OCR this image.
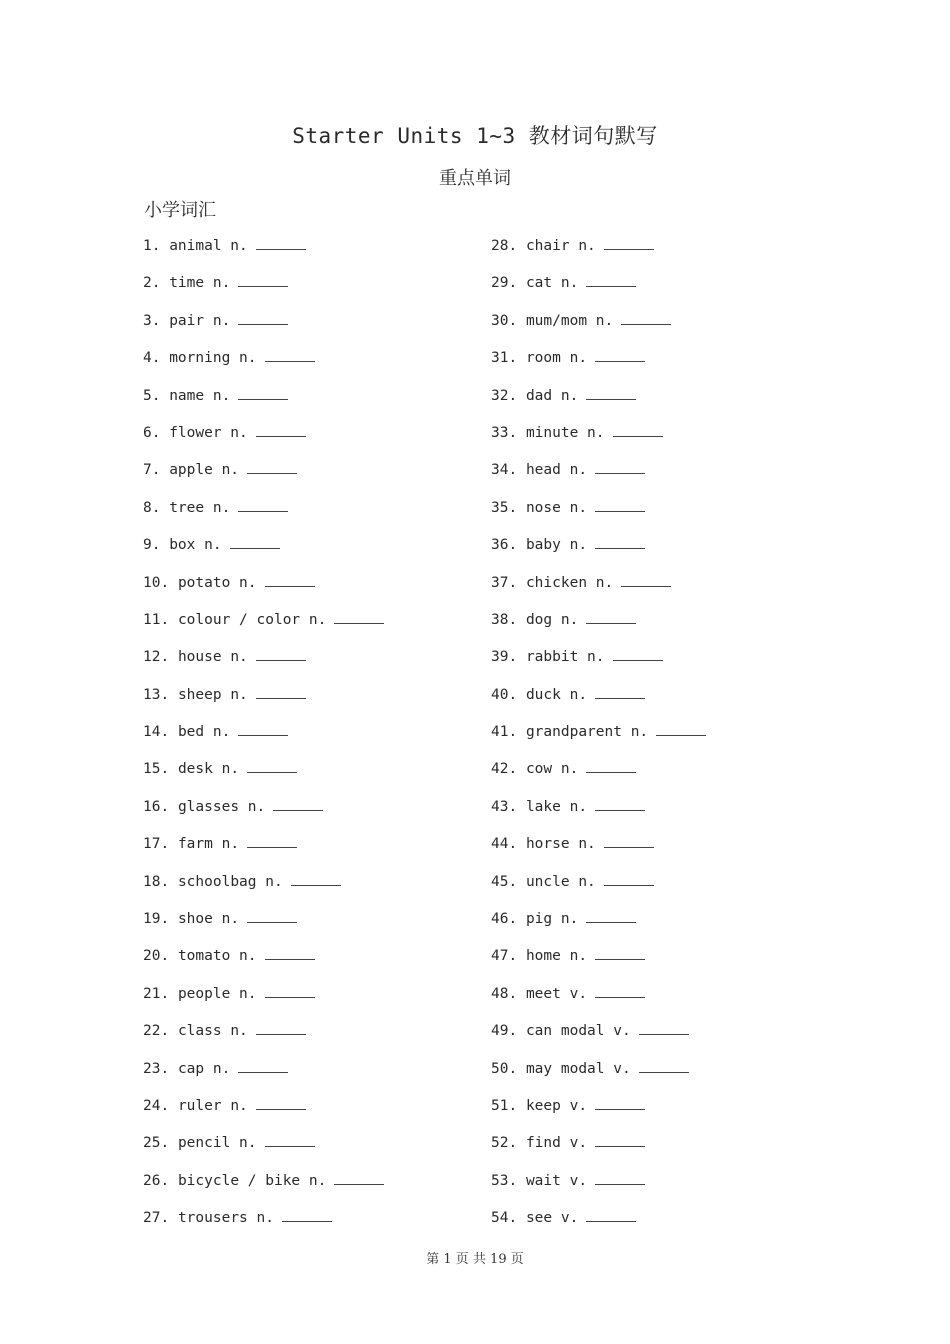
Starter Units 1~3 教材词句默写
重点单词
小学词汇
1. animal n.
2. time n.
3. pair n.
4. morning n.
5. name n.
6. flower n.
7. apple n.
8. tree n.
9. box n.
10. potato n.
11. colour / color n.
12. house n.
13. sheep n.
14. bed n.
15. desk n.
16. glasses n.
17. farm n.
18. schoolbag n.
19. shoe n.
20. tomato n.
21. people n.
22. class n.
23. cap n.
24. ruler n.
25. pencil n.
26. bicycle / bike n.
27. trousers n.
28. chair n.
29. cat n.
30. mum/mom n.
31. room n.
32. dad n.
33. minute n.
34. head n.
35. nose n.
36. baby n.
37. chicken n.
38. dog n.
39. rabbit n.
40. duck n.
41. grandparent n.
42. cow n.
43. lake n.
44. horse n.
45. uncle n.
46. pig n.
47. home n.
48. meet v.
49. can modal v.
50. may modal v.
51. keep v.
52. find v.
53. wait v.
54. see v.
第 1 页 共 19 页
